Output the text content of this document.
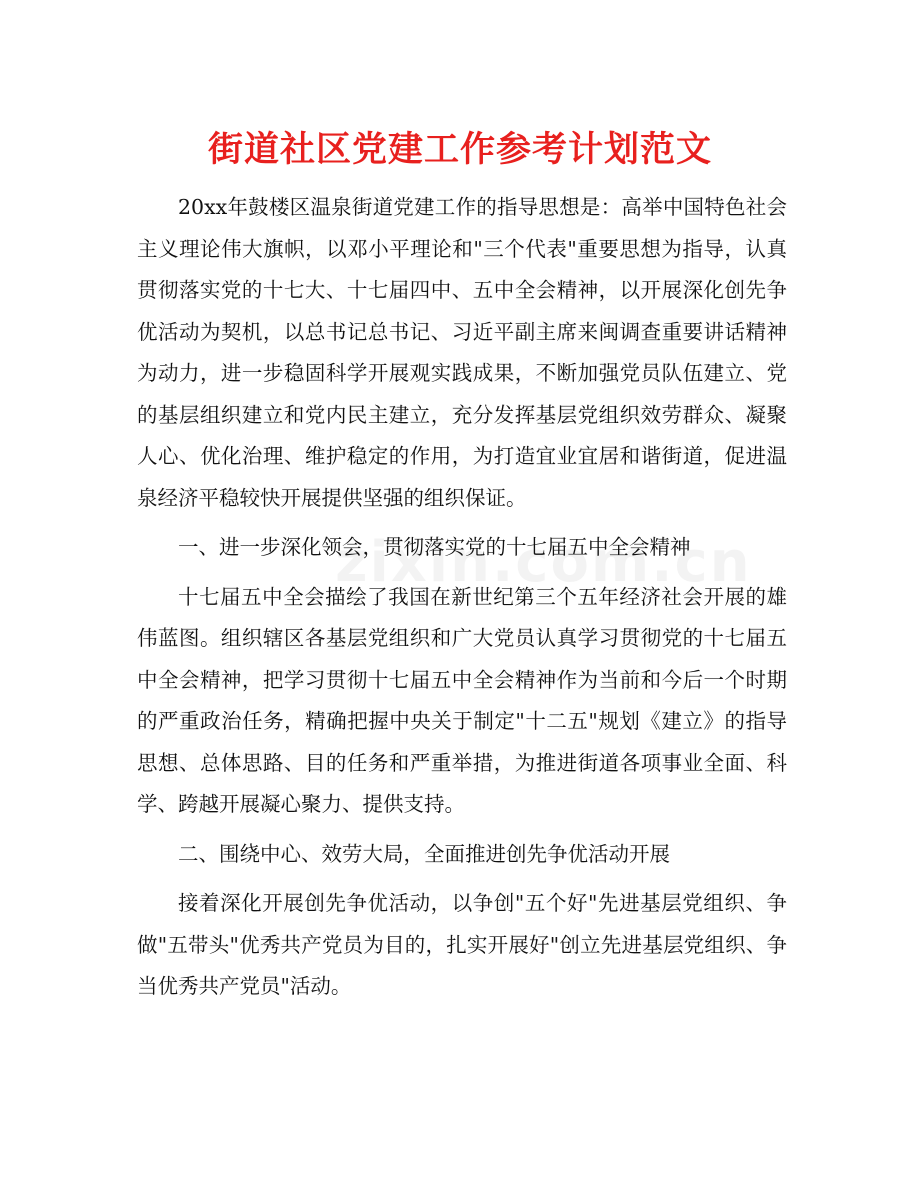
街道社区党建工作参考计划范文

20xx年鼓楼区温泉街道党建工作的指导思想是：高举中国特色社会主义理论伟大旗帜，以邓小平理论和"三个代表"重要思想为指导，认真贯彻落实党的十七大、十七届四中、五中全会精神，以开展深化创先争优活动为契机，以总书记总书记、习近平副主席来闽调查重要讲话精神为动力，进一步稳固科学开展观实践成果，不断加强党员队伍建立、党的基层组织建立和党内民主建立，充分发挥基层党组织效劳群众、凝聚人心、优化治理、维护稳定的作用，为打造宜业宜居和谐街道，促进温泉经济平稳较快开展提供坚强的组织保证。

一、进一步深化领会，贯彻落实党的十七届五中全会精神

十七届五中全会描绘了我国在新世纪第三个五年经济社会开展的雄伟蓝图。组织辖区各基层党组织和广大党员认真学习贯彻党的十七届五中全会精神，把学习贯彻十七届五中全会精神作为当前和今后一个时期的严重政治任务，精确把握中央关于制定"十二五"规划《建立》的指导思想、总体思路、目的任务和严重举措，为推进街道各项事业全面、科学、跨越开展凝心聚力、提供支持。

二、围绕中心、效劳大局，全面推进创先争优活动开展

接着深化开展创先争优活动，以争创"五个好"先进基层党组织、争做"五带头"优秀共产党员为目的，扎实开展好"创立先进基层党组织、争当优秀共产党员"活动。
